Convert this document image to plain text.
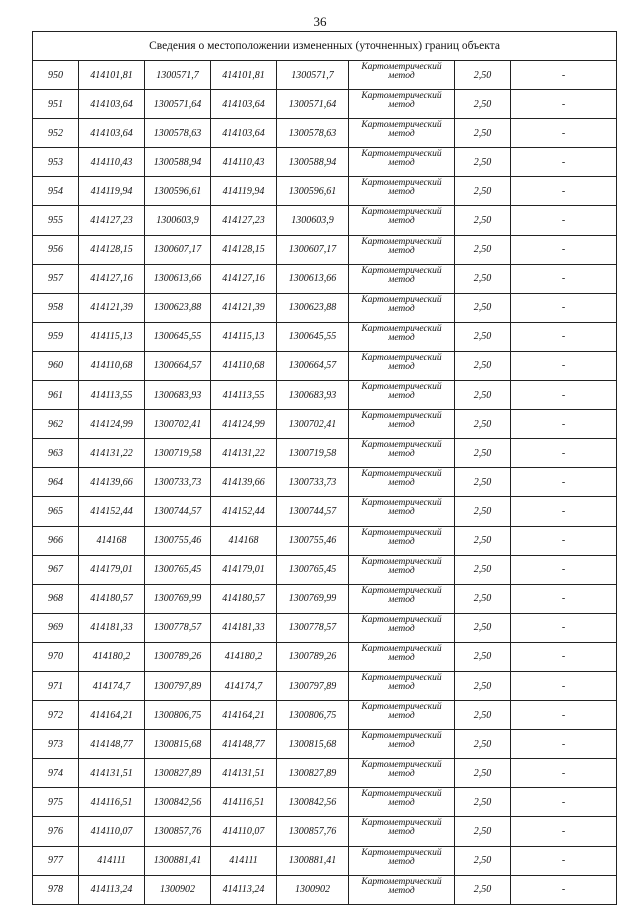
36
Сведения о местоположении измененных (уточненных) границ объекта							
950	414101,81	1300571,7	414101,81	1300571,7	Картометрический метод	2,50	-
951	414103,64	1300571,64	414103,64	1300571,64	Картометрический метод	2,50	-
952	414103,64	1300578,63	414103,64	1300578,63	Картометрический метод	2,50	-
953	414110,43	1300588,94	414110,43	1300588,94	Картометрический метод	2,50	-
954	414119,94	1300596,61	414119,94	1300596,61	Картометрический метод	2,50	-
955	414127,23	1300603,9	414127,23	1300603,9	Картометрический метод	2,50	-
956	414128,15	1300607,17	414128,15	1300607,17	Картометрический метод	2,50	-
957	414127,16	1300613,66	414127,16	1300613,66	Картометрический метод	2,50	-
958	414121,39	1300623,88	414121,39	1300623,88	Картометрический метод	2,50	-
959	414115,13	1300645,55	414115,13	1300645,55	Картометрический метод	2,50	-
960	414110,68	1300664,57	414110,68	1300664,57	Картометрический метод	2,50	-
961	414113,55	1300683,93	414113,55	1300683,93	Картометрический метод	2,50	-
962	414124,99	1300702,41	414124,99	1300702,41	Картометрический метод	2,50	-
963	414131,22	1300719,58	414131,22	1300719,58	Картометрический метод	2,50	-
964	414139,66	1300733,73	414139,66	1300733,73	Картометрический метод	2,50	-
965	414152,44	1300744,57	414152,44	1300744,57	Картометрический метод	2,50	-
966	414168	1300755,46	414168	1300755,46	Картометрический метод	2,50	-
967	414179,01	1300765,45	414179,01	1300765,45	Картометрический метод	2,50	-
968	414180,57	1300769,99	414180,57	1300769,99	Картометрический метод	2,50	-
969	414181,33	1300778,57	414181,33	1300778,57	Картометрический метод	2,50	-
970	414180,2	1300789,26	414180,2	1300789,26	Картометрический метод	2,50	-
971	414174,7	1300797,89	414174,7	1300797,89	Картометрический метод	2,50	-
972	414164,21	1300806,75	414164,21	1300806,75	Картометрический метод	2,50	-
973	414148,77	1300815,68	414148,77	1300815,68	Картометрический метод	2,50	-
974	414131,51	1300827,89	414131,51	1300827,89	Картометрический метод	2,50	-
975	414116,51	1300842,56	414116,51	1300842,56	Картометрический метод	2,50	-
976	414110,07	1300857,76	414110,07	1300857,76	Картометрический метод	2,50	-
977	414111	1300881,41	414111	1300881,41	Картометрический метод	2,50	-
978	414113,24	1300902	414113,24	1300902	Картометрический метод	2,50	-
